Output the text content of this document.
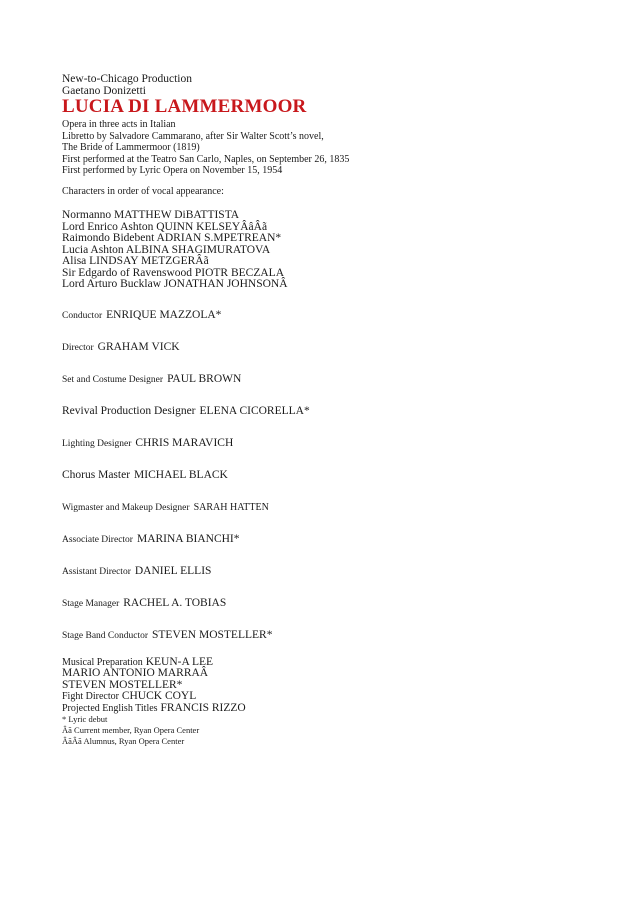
New-to-Chicago Production
Gaetano Donizetti
LUCIA DI LAMMERMOOR
Opera in three acts in Italian
Libretto by Salvadore Cammarano, after Sir Walter Scott’s novel,
The Bride of Lammermoor (1819)
First performed at the Teatro San Carlo, Naples, on September 26, 1835
First performed by Lyric Opera on November 15, 1954
Characters in order of vocal appearance:
Normanno MATTHEW DiBATTISTA
Lord Enrico Ashton QUINN KELSEYÂâÂã
Raimondo Bidebent ADRIAN S.MPETREAN*
Lucia Ashton ALBINA SHAGIMURATOVA
Alisa LINDSAY METZGERÂã
Sir Edgardo of Ravenswood PIOTR BECZALA
Lord Arturo Bucklaw JONATHAN JOHNSONÂ
Conductor ENRIQUE MAZZOLA*
Director GRAHAM VICK
Set and Costume Designer PAUL BROWN
Revival Production Designer ELENA CICORELLA*
Lighting Designer CHRIS MARAVICH
Chorus Master MICHAEL BLACK
Wigmaster and Makeup Designer SARAH HATTEN
Associate Director MARINA BIANCHI*
Assistant Director DANIEL ELLIS
Stage Manager RACHEL A. TOBIAS
Stage Band Conductor STEVEN MOSTELLER*
Musical Preparation KEUN-A LEE
MARIO ANTONIO MARRAÂ
STEVEN MOSTELLER*
Fight Director CHUCK COYL
Projected English Titles FRANCIS RIZZO
* Lyric debut
Âã Current member, Ryan Opera Center
ÂãÂã Alumnus, Ryan Opera Center
